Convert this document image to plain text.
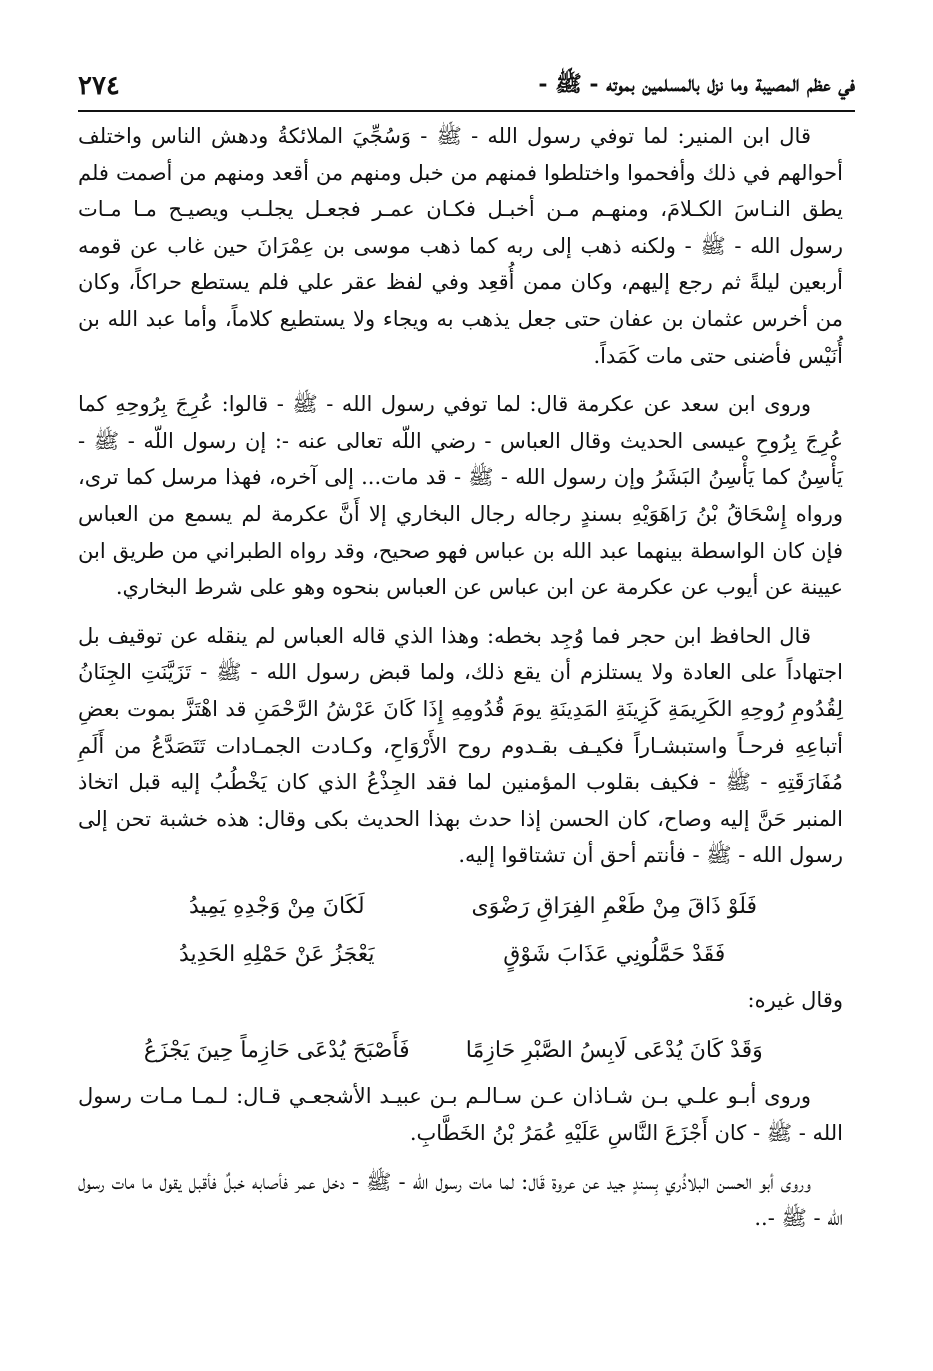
٢٧٤	في عظم المصيبة وما نزل بالمسلمين بموته - ﷺ -

قال ابن المنير: لما توفي رسول الله - ﷺ - وَسُجِّيَ الملائكةُ ودهش الناس واختلف أحوالهم في ذلك وأفحموا واختلطوا فمنهم من خبل ومنهم من أقعد ومنهم من أصمت فلم يطق النـاسَ الكـلامَ، ومنهـم مـن أخبـل فكـان عمـر فجعـل يجلـب ويصيـح مـا مـات رسول الله - ﷺ - ولكنه ذهب إلى ربه كما ذهب موسى بن عِمْرَانَ حين غاب عن قومه أربعين ليلةً ثم رجع إليهم، وكان ممن أُقعِد وفي لفظ عقر علي فلم يستطع حراكاً، وكان من أخرس عثمان بن عفان حتى جعل يذهب به ويجاء ولا يستطيع كلاماً، وأما عبد الله بن أُنَيْس فأضنى حتى مات كَمَداً.

وروى ابن سعد عن عكرمة قال: لما توفي رسول الله - ﷺ - قالوا: عُرِجَ بِرُوحِهِ كما عُرِجَ بِرُوحِ عيسى الحديث وقال العباس - رضي اللّه تعالى عنه -: إن رسول اللّه - ﷺ - يَأْسِنُ كما يَأْسِنُ البَشَرُ وإن رسول الله - ﷺ - قد مات... إلى آخره، فهذا مرسل كما ترى، ورواه إِسْحَاقُ بْنُ رَاهَوَيْهِ بسندٍ رجاله رجال البخاري إلا أَنَّ عكرمة لم يسمع من العباس فإن كان الواسطة بينهما عبد الله بن عباس فهو صحيح، وقد رواه الطبراني من طريق ابن عيينة عن أيوب عن عكرمة عن ابن عباس عن العباس بنحوه وهو على شرط البخاري.

قال الحافظ ابن حجر فما وُجِد بخطه: وهذا الذي قاله العباس لم ينقله عن توقيف بل اجتهاداً على العادة ولا يستلزم أن يقع ذلك، ولما قبض رسول الله - ﷺ - تَزَيَّنَتِ الجِنَانُ لِقُدُومِ رُوحِهِ الكَرِيمَةِ كَزِينَةِ المَدِينَةِ يومَ قُدُومِهِ إِذَا كَانَ عَرْشُ الرَّحْمَنِ قد اهْتَزَّ بموت بعضِ أتباعِهِ فرحـاً واستبشـاراً فكيـف بقـدوم روح الأَرْوَاحِ، وكـادت الجمـادات تَتَصَدَّعُ من أَلَمِ مُفَارَقَتِهِ - ﷺ - فكيف بقلوب المؤمنين لما فقد الجِذْعُ الذي كان يَخْطُبُ إليه قبل اتخاذ المنبر حَنَّ إليه وصاح، كان الحسن إذا حدث بهذا الحديث بكى وقال: هذه خشبة تحن إلى رسول الله - ﷺ - فأنتم أحق أن تشتاقوا إليه.

فَلَوْ ذَاقَ مِنْ طَعْمِ الفِرَاقِ رَضْوَى
لَكَانَ مِنْ وَجْدِهِ يَمِيدُ
فَقَدْ حَمَّلُونِي عَذَابَ شَوْقٍ
يَعْجَزُ عَنْ حَمْلِهِ الحَدِيدُ

وقال غيره:

وَقَدْ كَانَ يُدْعَى لَابِسُ الصَّبْرِ حَازِمًا
فَأَصْبَحَ يُدْعَى حَازِماً حِينَ يَجْزَعُ

وروى أبـو علـي بـن شـاذان عـن سـالـم بـن عبيـد الأشجعـي قـال: لـمـا مـات رسول الله - ﷺ - كان أَجْزَعَ النَّاسِ عَلَيْهِ عُمَرُ بْنُ الخَطَّابِ.

وروى أبو الحسن البلاذُري بِسندٍ جيد عن عروة قَال: لما مات رسول الله - ﷺ - دخل عمر فأصابه خبلٌ فأقبل يقول ما مات رسول الله - ﷺ -..
